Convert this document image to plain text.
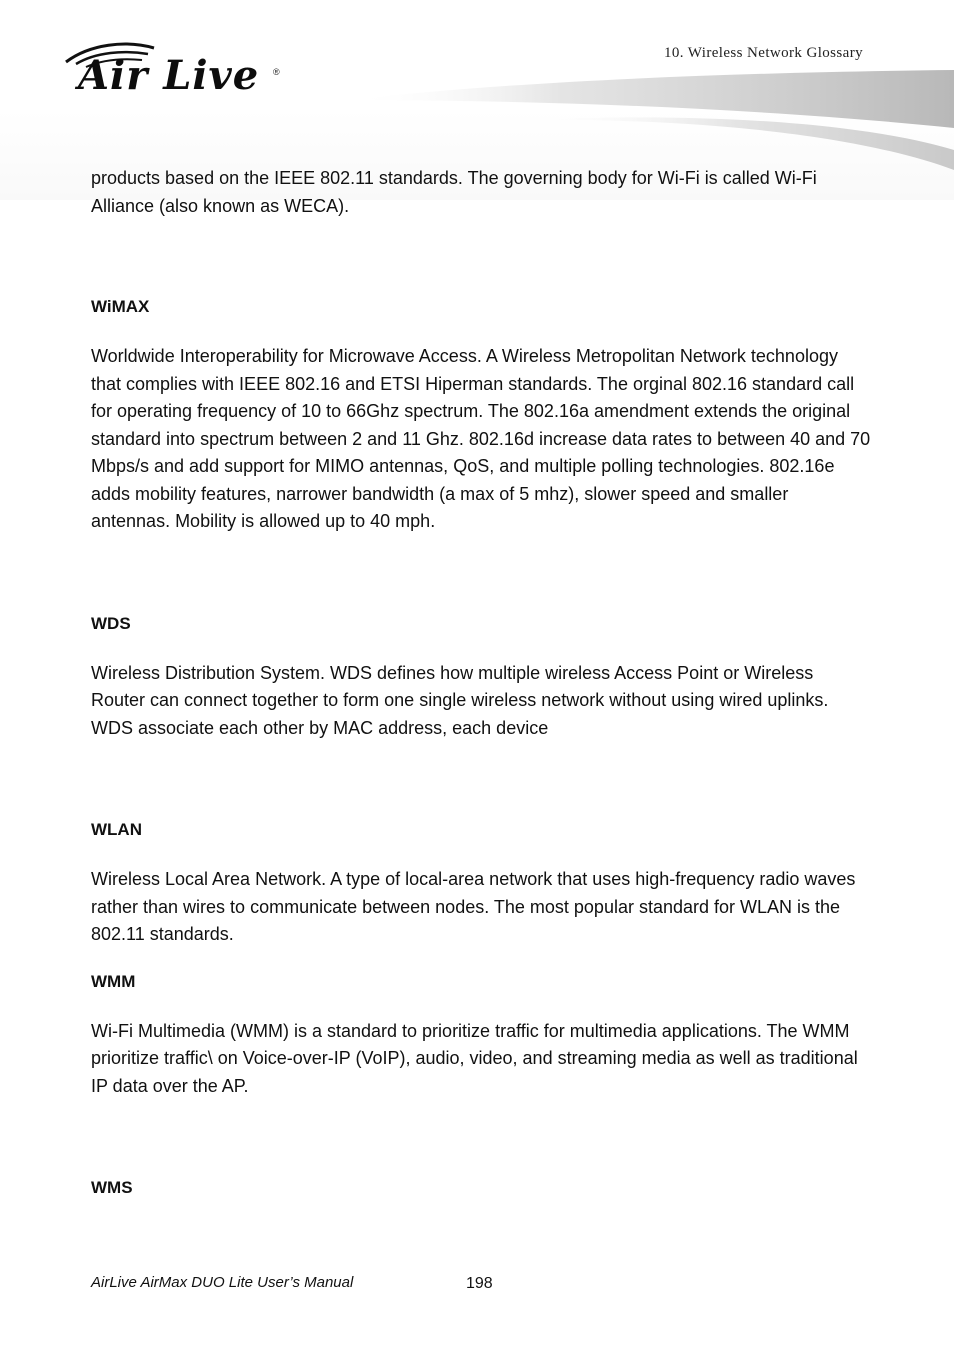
Air Live ®
10. Wireless Network Glossary

products based on the IEEE 802.11 standards. The governing body for Wi-Fi is called Wi-Fi Alliance (also known as WECA).

WiMAX

Worldwide Interoperability for Microwave Access. A Wireless Metropolitan Network technology that complies with IEEE 802.16 and ETSI Hiperman standards. The orginal 802.16 standard call for operating frequency of 10 to 66Ghz spectrum. The 802.16a amendment extends the original standard into spectrum between 2 and 11 Ghz. 802.16d increase data rates to between 40 and 70 Mbps/s and add support for MIMO antennas, QoS, and multiple polling technologies. 802.16e adds mobility features, narrower bandwidth (a max of 5 mhz), slower speed and smaller antennas. Mobility is allowed up to 40 mph.

WDS

Wireless Distribution System. WDS defines how multiple wireless Access Point or Wireless Router can connect together to form one single wireless network without using wired uplinks. WDS associate each other by MAC address, each device

WLAN

Wireless Local Area Network. A type of local-area network that uses high-frequency radio waves rather than wires to communicate between nodes. The most popular standard for WLAN is the 802.11 standards.

WMM

Wi-Fi Multimedia (WMM) is a standard to prioritize traffic for multimedia applications. The WMM prioritize traffic\ on Voice-over-IP (VoIP), audio, video, and streaming media as well as traditional IP data over the AP.

WMS

AirLive AirMax DUO Lite User’s Manual	198
